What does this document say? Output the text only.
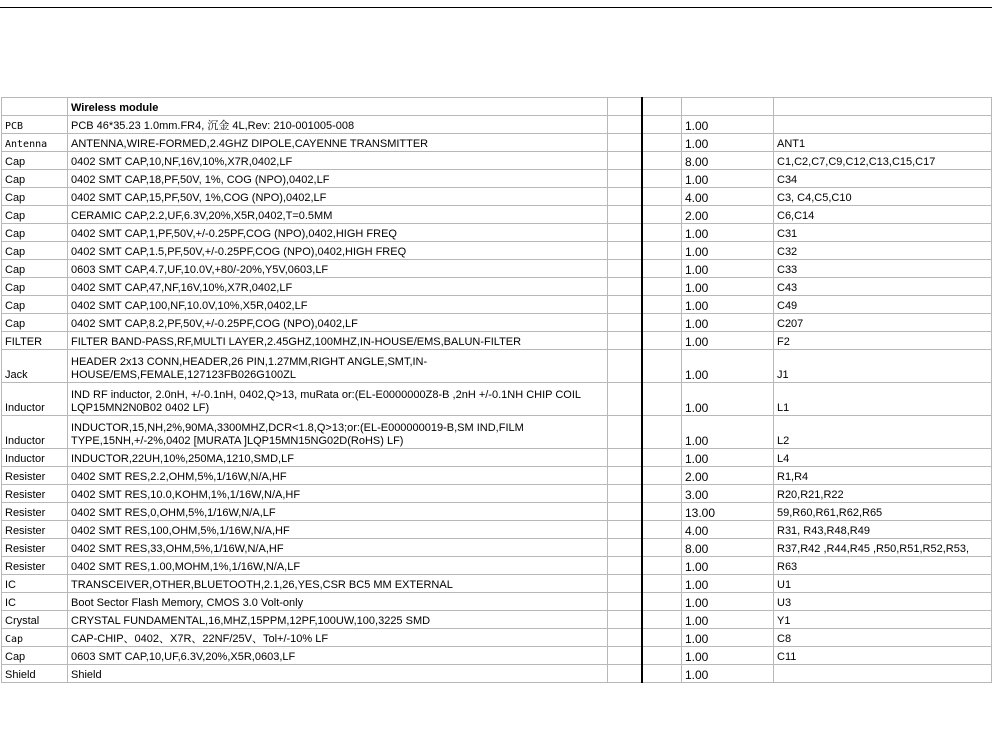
	Wireless module				
PCB	PCB 46*35.23 1.0mm.FR4, 沉金 4L,Rev: 210-001005-008			1.00	
Antenna	ANTENNA,WIRE-FORMED,2.4GHZ DIPOLE,CAYENNE TRANSMITTER			1.00	ANT1
Cap	0402 SMT CAP,10,NF,16V,10%,X7R,0402,LF			8.00	C1,C2,C7,C9,C12,C13,C15,C17
Cap	0402 SMT CAP,18,PF,50V, 1%, COG (NPO),0402,LF			1.00	C34
Cap	0402 SMT CAP,15,PF,50V, 1%,COG (NPO),0402,LF			4.00	C3, C4,C5,C10
Cap	CERAMIC CAP,2.2,UF,6.3V,20%,X5R,0402,T=0.5MM			2.00	C6,C14
Cap	0402 SMT CAP,1,PF,50V,+/-0.25PF,COG (NPO),0402,HIGH FREQ			1.00	C31
Cap	0402 SMT CAP,1.5,PF,50V,+/-0.25PF,COG (NPO),0402,HIGH FREQ			1.00	C32
Cap	0603 SMT CAP,4.7,UF,10.0V,+80/-20%,Y5V,0603,LF			1.00	C33
Cap	0402 SMT CAP,47,NF,16V,10%,X7R,0402,LF			1.00	C43
Cap	0402 SMT CAP,100,NF,10.0V,10%,X5R,0402,LF			1.00	C49
Cap	0402 SMT CAP,8.2,PF,50V,+/-0.25PF,COG (NPO),0402,LF			1.00	C207
FILTER	FILTER BAND-PASS,RF,MULTI LAYER,2.45GHZ,100MHZ,IN-HOUSE/EMS,BALUN-FILTER			1.00	F2
Jack	HEADER 2x13 CONN,HEADER,26 PIN,1.27MM,RIGHT ANGLE,SMT,IN-HOUSE/EMS,FEMALE,127123FB026G100ZL			1.00	J1
Inductor	IND RF inductor, 2.0nH, +/-0.1nH, 0402,Q>13, muRata or:(EL-E0000000Z8-B ,2nH +/-0.1NH CHIP COIL LQP15MN2N0B02 0402 LF)			1.00	L1
Inductor	INDUCTOR,15,NH,2%,90MA,3300MHZ,DCR<1.8,Q>13;or:(EL-E000000019-B,SM IND,FILM TYPE,15NH,+/-2%,0402 [MURATA ]LQP15MN15NG02D(RoHS) LF)			1.00	L2
Inductor	INDUCTOR,22UH,10%,250MA,1210,SMD,LF			1.00	L4
Resister	0402 SMT RES,2.2,OHM,5%,1/16W,N/A,HF			2.00	R1,R4
Resister	0402 SMT RES,10.0,KOHM,1%,1/16W,N/A,HF			3.00	R20,R21,R22
Resister	0402 SMT RES,0,OHM,5%,1/16W,N/A,LF			13.00	59,R60,R61,R62,R65
Resister	0402 SMT RES,100,OHM,5%,1/16W,N/A,HF			4.00	R31, R43,R48,R49
Resister	0402 SMT RES,33,OHM,5%,1/16W,N/A,HF			8.00	R37,R42 ,R44,R45 ,R50,R51,R52,R53,
Resister	0402 SMT RES,1.00,MOHM,1%,1/16W,N/A,LF			1.00	R63
IC	TRANSCEIVER,OTHER,BLUETOOTH,2.1,26,YES,CSR BC5 MM EXTERNAL			1.00	U1
IC	Boot Sector Flash Memory, CMOS 3.0 Volt-only			1.00	U3
Crystal	CRYSTAL FUNDAMENTAL,16,MHZ,15PPM,12PF,100UW,100,3225 SMD			1.00	Y1
Cap	CAP-CHIP、0402、X7R、22NF/25V、Tol+/-10% LF			1.00	C8
Cap	0603 SMT CAP,10,UF,6.3V,20%,X5R,0603,LF			1.00	C11
Shield	Shield			1.00	
